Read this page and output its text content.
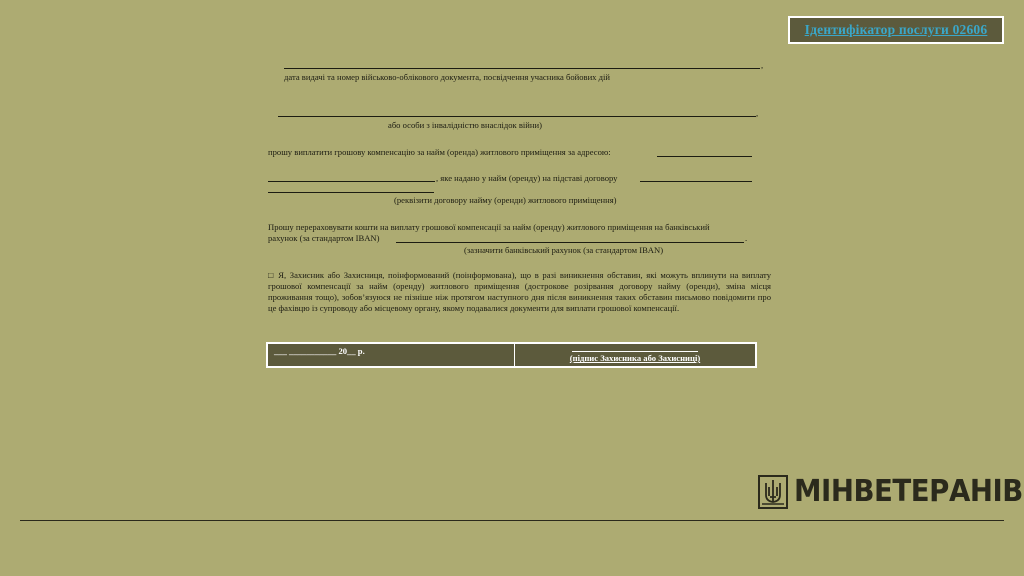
Ідентифікатор послуги 02606
,
дата видачі та номер військово-облікового документа, посвідчення учасника бойових дій
,
або особи з інвалідністю внаслідок війни)
прошу виплатити грошову компенсацію за найм (оренда) житлового приміщення за адресою:
, яке надано у найм (оренду) на підставі договору
(реквізити договору найму (оренди) житлового приміщення)
Прошу перераховувати кошти на виплату грошової компенсації за найм (оренду) житлового приміщення на банківський
рахунок (за стандартом IBAN)	.
(зазначити банківський рахунок (за стандартом IBAN)
□ Я, Захисник або Захисниця, поінформований (поінформована), що в разі виникнення обставин, які можуть вплинути на виплату грошової компенсації за найм (оренду) житлового приміщення (дострокове розірвання договору найму (оренди), зміна місця проживання тощо), зобов’язуюся не пізніше ніж протягом наступного дня після виникнення таких обставин письмово повідомити про це фахівцю із супроводу або місцевому органу, якому подавалися документи для виплати грошової компенсації.
___ ___________ 20__ р.
(підпис Захисника або Захисниці)
МІНВЕТЕРАНІВ
